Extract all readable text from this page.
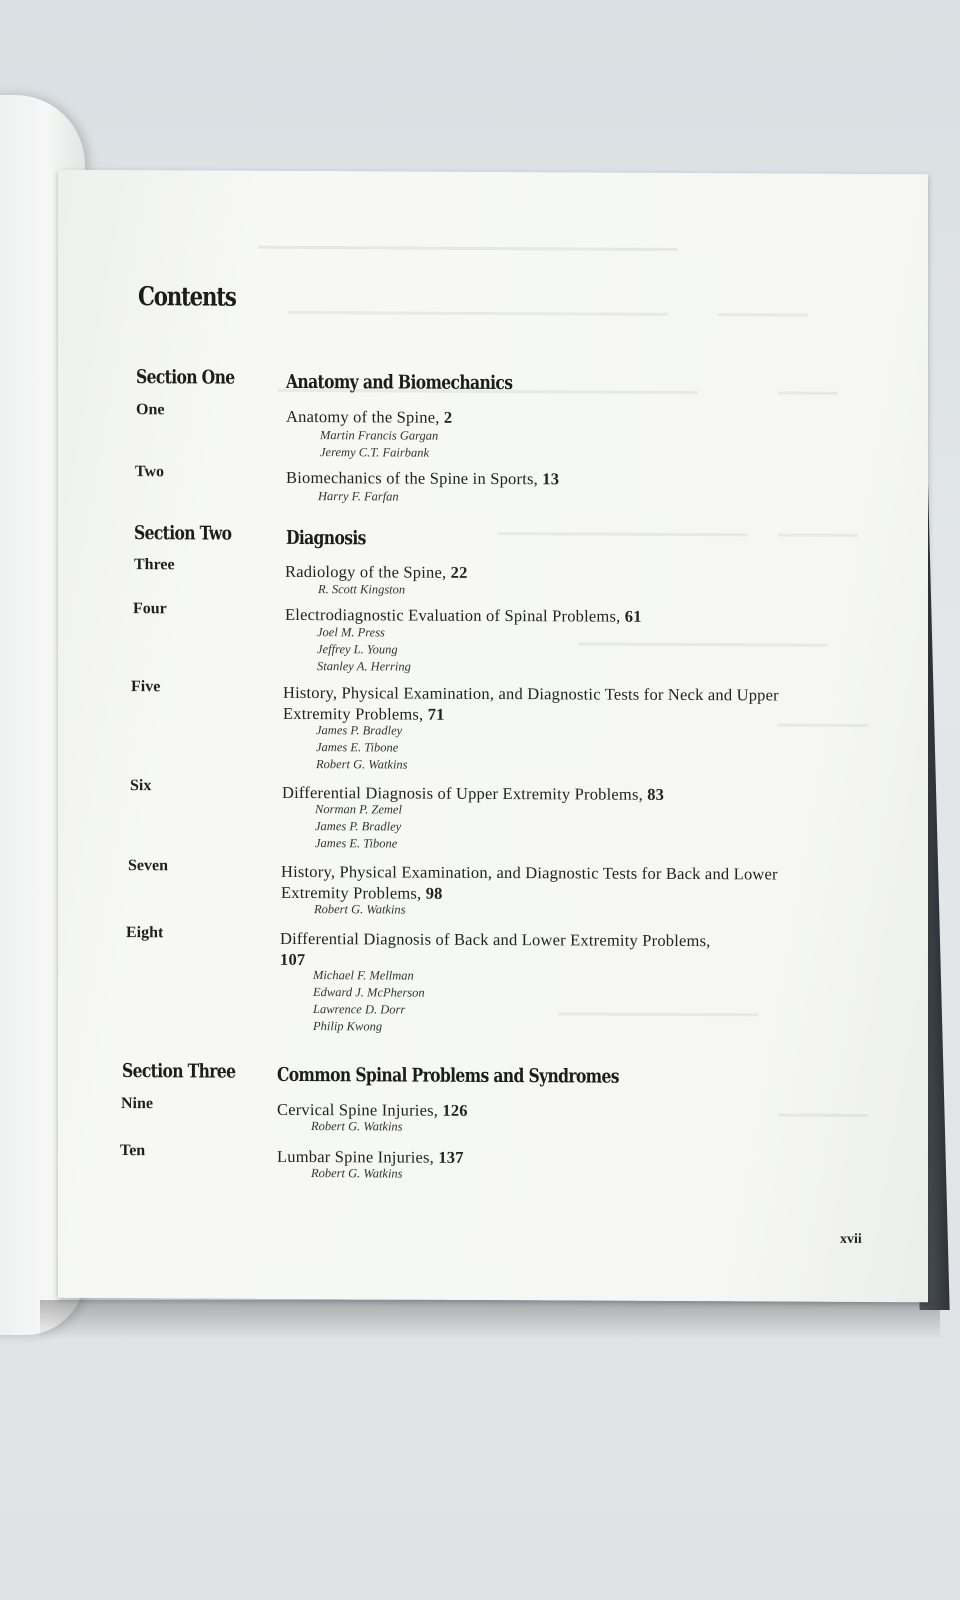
Contents
Section One	Anatomy and Biomechanics
One	Anatomy of the Spine, 2
Martin Francis Gargan
Jeremy C.T. Fairbank
Two	Biomechanics of the Spine in Sports, 13
Harry F. Farfan
Section Two	Diagnosis
Three	Radiology of the Spine, 22
R. Scott Kingston
Four	Electrodiagnostic Evaluation of Spinal Problems, 61
Joel M. Press
Jeffrey L. Young
Stanley A. Herring
Five	History, Physical Examination, and Diagnostic Tests for Neck and Upper Extremity Problems, 71
James P. Bradley
James E. Tibone
Robert G. Watkins
Six	Differential Diagnosis of Upper Extremity Problems, 83
Norman P. Zemel
James P. Bradley
James E. Tibone
Seven	History, Physical Examination, and Diagnostic Tests for Back and Lower Extremity Problems, 98
Robert G. Watkins
Eight	Differential Diagnosis of Back and Lower Extremity Problems, 107
Michael F. Mellman
Edward J. McPherson
Lawrence D. Dorr
Philip Kwong
Section Three Common Spinal Problems and Syndromes
Nine	Cervical Spine Injuries, 126
Robert G. Watkins
Ten	Lumbar Spine Injuries, 137
Robert G. Watkins
xvii
